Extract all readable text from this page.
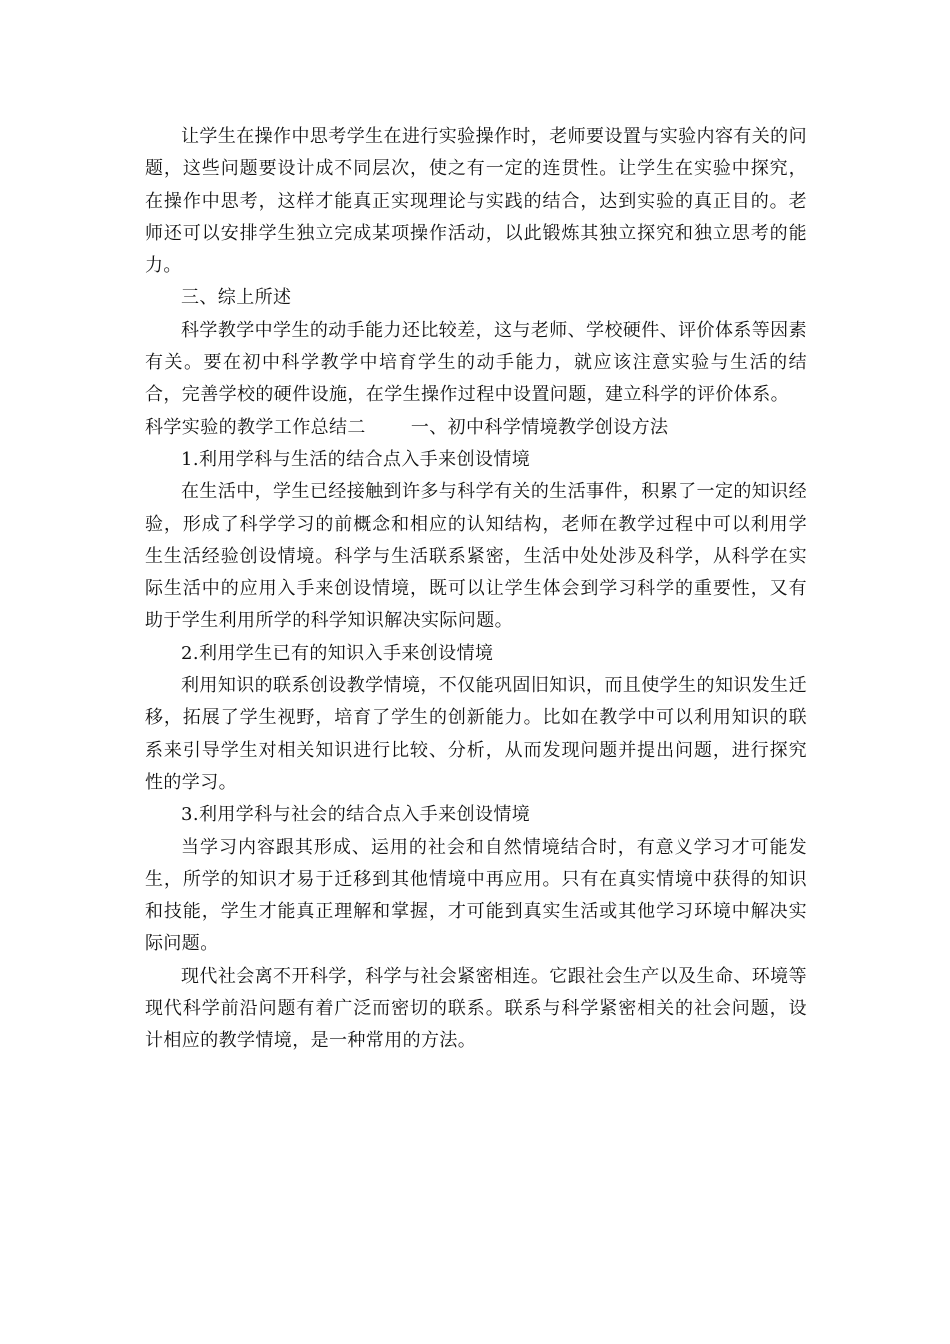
让学生在操作中思考学生在进行实验操作时，老师要设置与实验内容有关的问题，这些问题要设计成不同层次，使之有一定的连贯性。让学生在实验中探究，在操作中思考，这样才能真正实现理论与实践的结合，达到实验的真正目的。老师还可以安排学生独立完成某项操作活动，以此锻炼其独立探究和独立思考的能力。

三、综上所述

科学教学中学生的动手能力还比较差，这与老师、学校硬件、评价体系等因素有关。要在初中科学教学中培育学生的动手能力，就应该注意实验与生活的结合，完善学校的硬件设施，在学生操作过程中设置问题，建立科学的评价体系。

科学实验的教学工作总结二	一、初中科学情境教学创设方法

1.利用学科与生活的结合点入手来创设情境

在生活中，学生已经接触到许多与科学有关的生活事件，积累了一定的知识经验，形成了科学学习的前概念和相应的认知结构，老师在教学过程中可以利用学生生活经验创设情境。科学与生活联系紧密，生活中处处涉及科学，从科学在实际生活中的应用入手来创设情境，既可以让学生体会到学习科学的重要性，又有助于学生利用所学的科学知识解决实际问题。

2.利用学生已有的知识入手来创设情境

利用知识的联系创设教学情境，不仅能巩固旧知识，而且使学生的知识发生迁移，拓展了学生视野，培育了学生的创新能力。比如在教学中可以利用知识的联系来引导学生对相关知识进行比较、分析，从而发现问题并提出问题，进行探究性的学习。

3.利用学科与社会的结合点入手来创设情境

当学习内容跟其形成、运用的社会和自然情境结合时，有意义学习才可能发生，所学的知识才易于迁移到其他情境中再应用。只有在真实情境中获得的知识和技能，学生才能真正理解和掌握，才可能到真实生活或其他学习环境中解决实际问题。

现代社会离不开科学，科学与社会紧密相连。它跟社会生产以及生命、环境等现代科学前沿问题有着广泛而密切的联系。联系与科学紧密相关的社会问题，设计相应的教学情境，是一种常用的方法。
